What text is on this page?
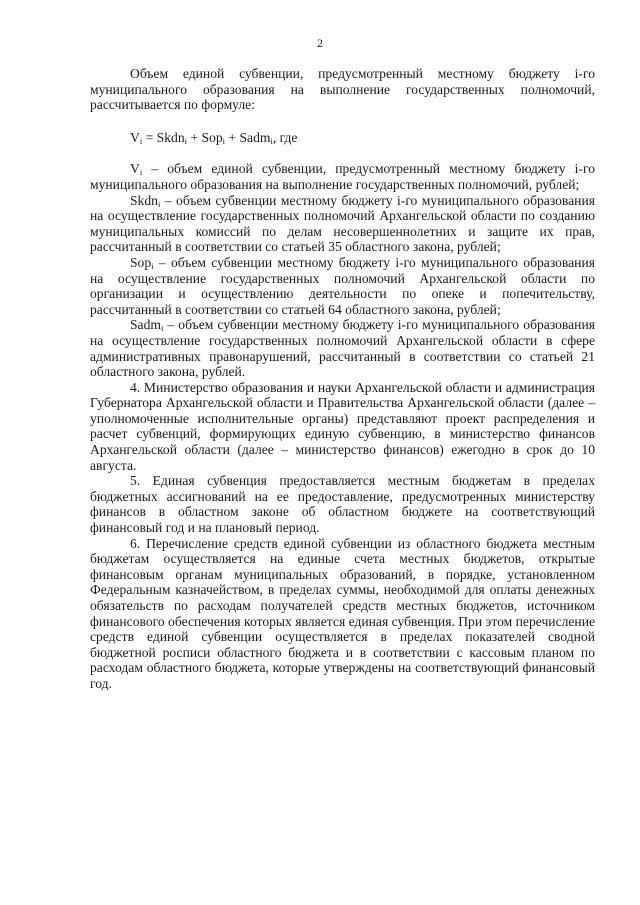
2

Объем единой субвенции, предусмотренный местному бюджету i-го муниципального образования на выполнение государственных полномочий, рассчитывается по формуле:

$V_i$ = Skdn$_i$ + Sop$_i$ + Sadm$_i$, где

$V_i$ – объем единой субвенции, предусмотренный местному бюджету i-го муниципального образования на выполнение государственных полномочий, рублей;

Skdn$_i$ – объем субвенции местному бюджету i-го муниципального образования на осуществление государственных полномочий Архангельской области по созданию муниципальных комиссий по делам несовершеннолетних и защите их прав, рассчитанный в соответствии со статьей 35 областного закона, рублей;

Sop$_i$ – объем субвенции местному бюджету i-го муниципального образования на осуществление государственных полномочий Архангельской области по организации и осуществлению деятельности по опеке и попечительству, рассчитанный в соответствии со статьей 64 областного закона, рублей;

Sadm$_i$ – объем субвенции местному бюджету i-го муниципального образования на осуществление государственных полномочий Архангельской области в сфере административных правонарушений, рассчитанный в соответствии со статьей 21 областного закона, рублей.

4. Министерство образования и науки Архангельской области и администрация Губернатора Архангельской области и Правительства Архангельской области (далее – уполномоченные исполнительные органы) представляют проект распределения и расчет субвенций, формирующих единую субвенцию, в министерство финансов Архангельской области (далее – министерство финансов) ежегодно в срок до 10 августа.

5. Единая субвенция предоставляется местным бюджетам в пределах бюджетных ассигнований на ее предоставление, предусмотренных министерству финансов в областном законе об областном бюджете на соответствующий финансовый год и на плановый период.

6. Перечисление средств единой субвенции из областного бюджета местным бюджетам осуществляется на единые счета местных бюджетов, открытые финансовым органам муниципальных образований, в порядке, установленном Федеральным казначейством, в пределах суммы, необходимой для оплаты денежных обязательств по расходам получателей средств местных бюджетов, источником финансового обеспечения которых является единая субвенция. При этом перечисление средств единой субвенции осуществляется в пределах показателей сводной бюджетной росписи областного бюджета и в соответствии с кассовым планом по расходам областного бюджета, которые утверждены на соответствующий финансовый год.
